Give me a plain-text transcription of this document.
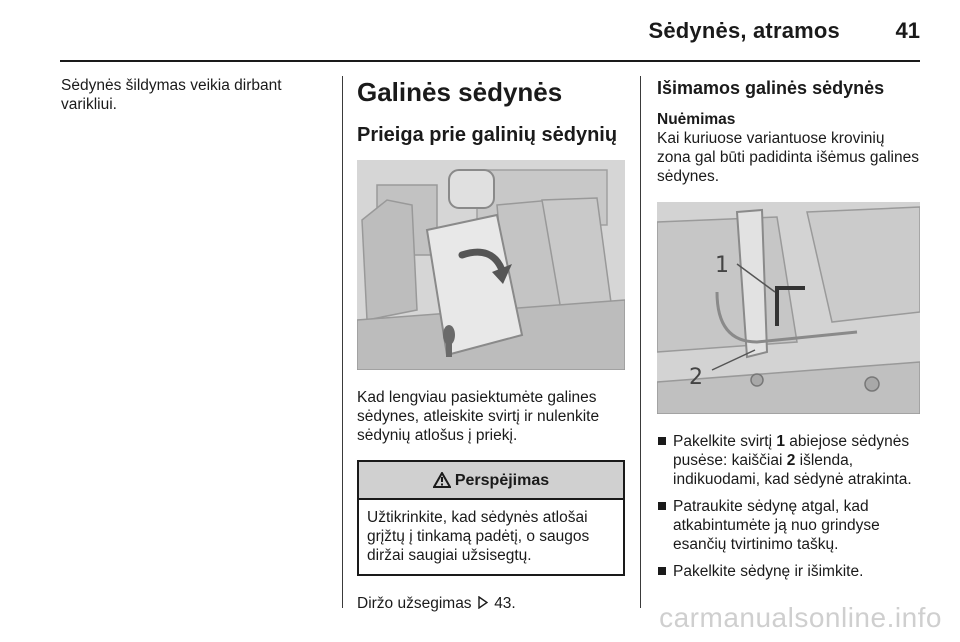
Sėdynės, atramos	41

Sėdynės šildymas veikia dirbant varikliui.	Galinės sėdynės
Prieiga prie galinių sėdynių

Kad lengviau pasiektumėte galines sėdynes, atleiskite svirtį ir nulenkite sėdynių atlošus į priekį.

Perspėjimas
Užtikrinkite, kad sėdynės atlošai grįžtų į tinkamą padėtį, o saugos diržai saugiai užsisegtų.

Diržo užsegimas 43.

Išimamos galinės sėdynės
Nuėmimas

Kai kuriuose variantuose krovinių zona gal būti padidinta išėmus galines sėdynes.

1
2
Pakelkite svirtį 1 abiejose sėdynės pusėse: kaiščiai 2 išlenda, indikuodami, kad sėdynė atrakinta.
Patraukite sėdynę atgal, kad atkabintumėte ją nuo grindyse esančių tvirtinimo taškų.
Pakelkite sėdynę ir išimkite.
carmanualsonline.info
